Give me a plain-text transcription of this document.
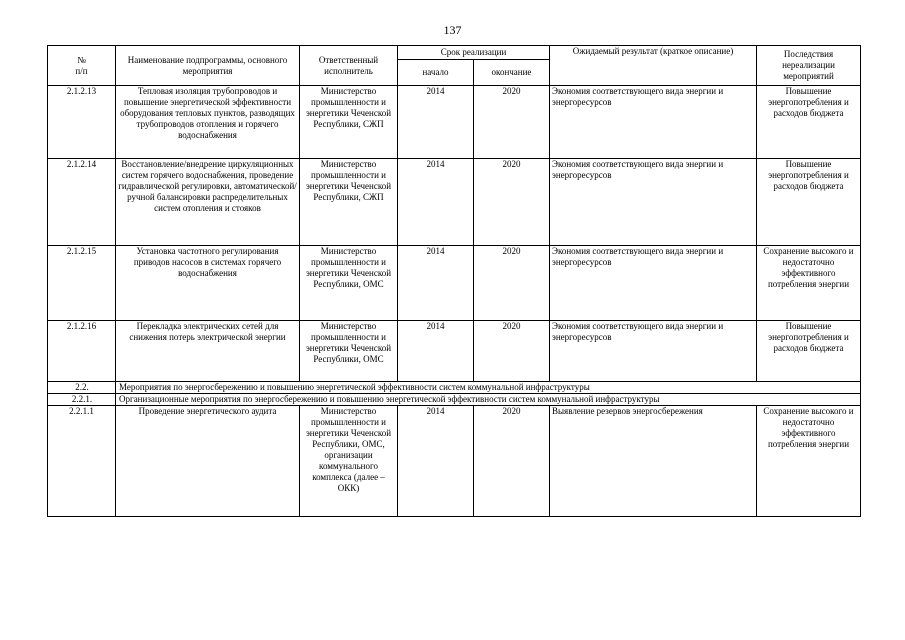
137
№
п/п	Наименование подпрограммы, основного мероприятия	Ответственный исполнитель	Срок реализации		Ожидаемый результат (краткое описание)	Последствия нереализации мероприятий
			начало	окончание		
2.1.2.13	Тепловая изоляция трубопроводов и повышение энергетической эффективности оборудования тепловых пунктов, разводящих трубопроводов отопления и горячего водоснабжения	Министерство промышленности и энергетики Чеченской Республики, СЖП	2014	2020	Экономия соответствующего вида энергии и энергоресурсов	Повышение энергопотребления и расходов бюджета
2.1.2.14	Восстановление/внедрение циркуляционных систем горячего водоснабжения, проведение гидравлической регулировки, автоматической/ручной балансировки распределительных систем отопления и стояков	Министерство промышленности и энергетики Чеченской Республики, СЖП	2014	2020	Экономия соответствующего вида энергии и энергоресурсов	Повышение энергопотребления и расходов бюджета
2.1.2.15	Установка частотного регулирования приводов насосов в системах горячего водоснабжения	Министерство промышленности и энергетики Чеченской Республики, ОМС	2014	2020	Экономия соответствующего вида энергии и энергоресурсов	Сохранение высокого и недостаточно эффективного потребления энергии
2.1.2.16	Перекладка электрических сетей для снижения потерь электрической энергии	Министерство промышленности и энергетики Чеченской Республики, ОМС	2014	2020	Экономия соответствующего вида энергии и энергоресурсов	Повышение энергопотребления и расходов бюджета
2.2.	Мероприятия по энергосбережению и повышению энергетической эффективности систем коммунальной инфраструктуры					
2.2.1.	Организационные мероприятия по энергосбережению и повышению энергетической эффективности систем коммунальной инфраструктуры					
2.2.1.1	Проведение энергетического аудита	Министерство промышленности и энергетики Чеченской Республики, ОМС, организации коммунального комплекса (далее – ОКК)	2014	2020	Выявление резервов энергосбережения	Сохранение высокого и недостаточно эффективного потребления энергии
